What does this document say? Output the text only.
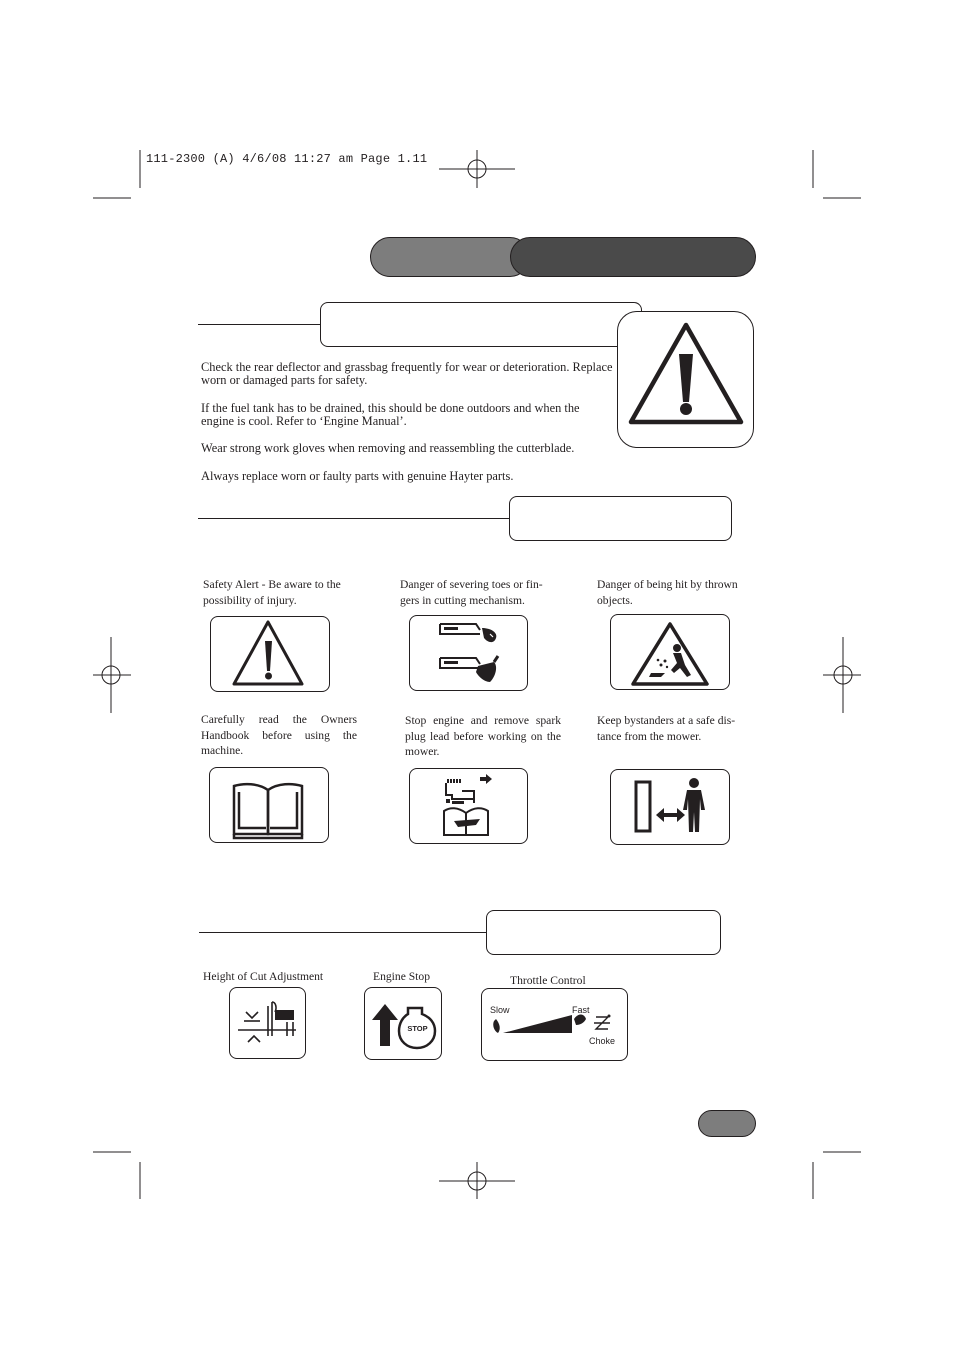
111-2300 (A) 4/6/08 11:27 am Page 1.11
Check the rear deflector and grassbag frequently for wear or deterioration. Replace worn or damaged parts for safety.
If the fuel tank has to be drained, this should be done outdoors and when the engine is cool. Refer to ‘Engine Manual’.
Wear strong work gloves when removing and reassembling the cutterblade.
Always replace worn or faulty parts with genuine Hayter parts.
Safety Alert - Be aware to the possibility of injury.
Danger of severing toes or fin-gers in cutting mechanism.
Danger of being hit by thrown objects.
Carefully read the Owners Handbook before using the machine.
Stop engine and remove spark plug lead before working on the mower.
Keep bystanders at a safe dis-tance from the mower.
Height of Cut Adjustment	Engine Stop	Throttle Control
STOP
Slow	Fast
Choke
